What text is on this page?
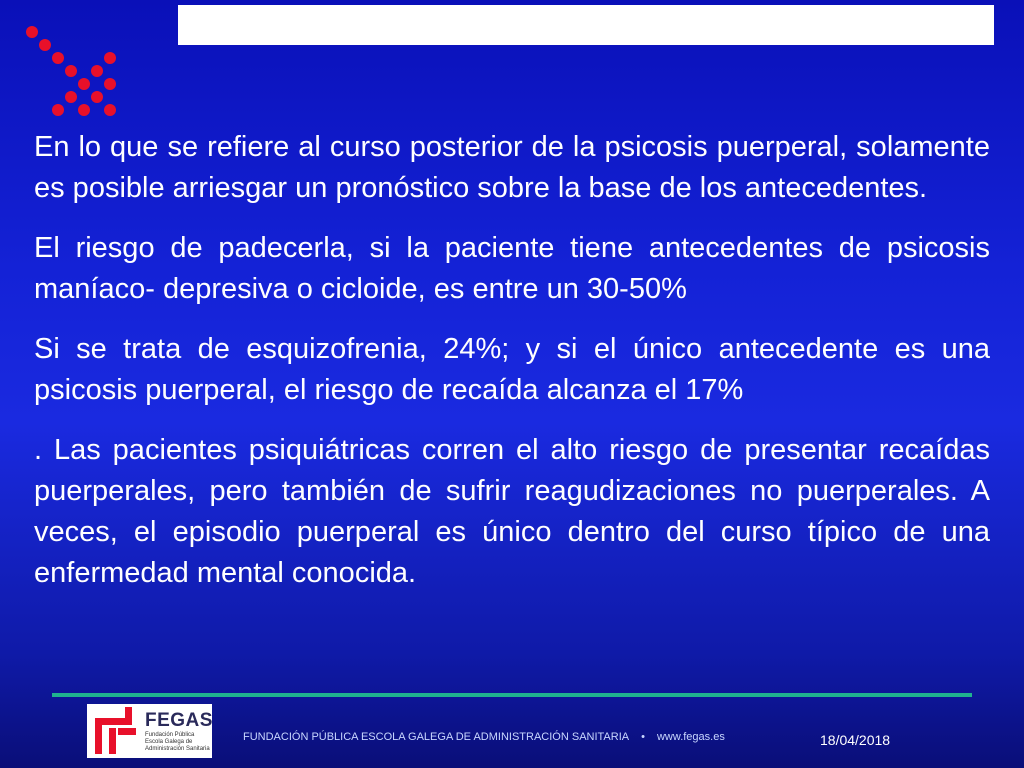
En lo que se refiere al curso posterior de la psicosis puerperal, solamente es posible arriesgar un pronóstico sobre la base de los antecedentes.

El riesgo de padecerla, si la paciente tiene antecedentes de psicosis maníaco- depresiva o cicloide, es entre un 30-50%

Si se trata de esquizofrenia, 24%; y si el único antecedente es una psicosis puerperal, el riesgo de recaída alcanza el 17%

. Las pacientes psiquiátricas corren el alto riesgo de presentar recaídas puerperales, pero también de sufrir reagudizaciones no puerperales. A veces, el episodio puerperal es único dentro del curso típico de una enfermedad mental conocida.

FEGAS
Fundación Pública
Escola Galega de
Administración Sanitaria
FUNDACIÓN PÚBLICA ESCOLA GALEGA DE ADMINISTRACIÓN SANITARIA • www.fegas.es	18/04/2018
